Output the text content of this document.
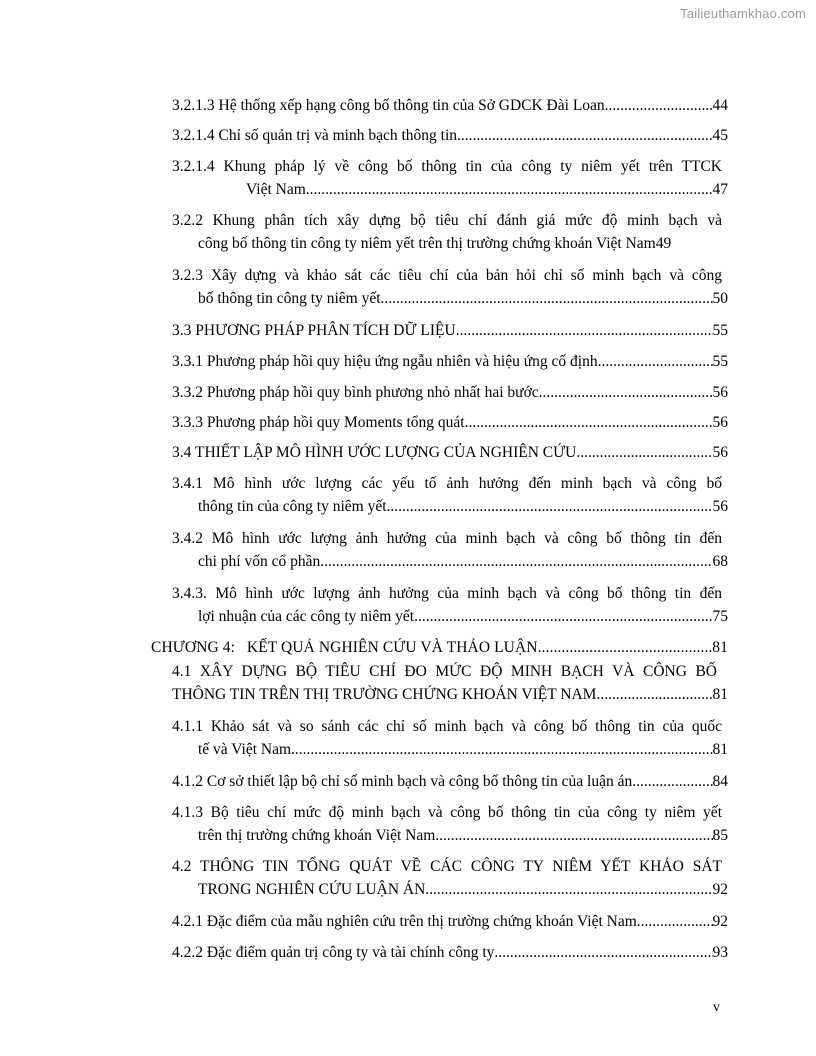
Tailieuthamkhao.com
3.2.1.3 Hệ thống xếp hạng công bố thông tin của Sở GDCK Đài Loan .....	44
3.2.1.4 Chỉ số quản trị và minh bạch thông tin .....	45
3.2.1.4 Khung pháp lý về công bố thông tin của công ty niêm yết trên TTCK
Việt Nam .....	47
3.2.2 Khung phân tích xây dựng bộ tiêu chí đánh giá mức độ minh bạch và
công bố thông tin công ty niêm yết trên thị trường chứng khoán Việt Nam 49
3.2.3 Xây dựng và khảo sát các tiêu chí của bản hỏi chỉ số minh bạch và công
bố thông tin công ty niêm yết .....	50
3.3 PHƯƠNG PHÁP PHÂN TÍCH DỮ LIỆU .....	55
3.3.1 Phương pháp hồi quy hiệu ứng ngẫu nhiên và hiệu ứng cố định .....	55
3.3.2 Phương pháp hồi quy bình phương nhỏ nhất hai bước .....	56
3.3.3 Phương pháp hồi quy Moments tổng quát .....	56
3.4 THIẾT LẬP MÔ HÌNH ƯỚC LƯỢNG CỦA NGHIÊN CỨU .....	56
3.4.1 Mô hình ước lượng các yếu tố ảnh hưởng đến minh bạch và công bố
thông tin của công ty niêm yết .....	56
3.4.2 Mô hình ước lượng ảnh hưởng của minh bạch và công bố thông tin đến
chi phí vốn cổ phần .....	68
3.4.3. Mô hình ước lượng ảnh hưởng của minh bạch và công bố thông tin đến
lợi nhuận của các công ty niêm yết .....	75
CHƯƠNG 4:   KẾT QUẢ NGHIÊN CỨU VÀ THẢO LUẬN .....	81
4.1 XÂY DỰNG BỘ TIÊU CHÍ ĐO MỨC ĐỘ MINH BẠCH VÀ CÔNG BỐ
THÔNG TIN TRÊN THỊ TRƯỜNG CHỨNG KHOÁN VIỆT NAM .....	81
4.1.1 Khảo sát và so sánh các chỉ số minh bạch và công bố thông tin của quốc
tế và Việt Nam .....	81
4.1.2 Cơ sở thiết lập bộ chỉ số minh bạch và công bố thông tin của luận án .....	84
4.1.3 Bộ tiêu chí mức độ minh bạch và công bố thông tin của công ty niêm yết
trên thị trường chứng khoán Việt Nam .....	85
4.2 THÔNG TIN TỔNG QUÁT VỀ CÁC CÔNG TY NIÊM YẾT KHẢO SÁT
TRONG NGHIÊN CỨU LUẬN ÁN .....	92
4.2.1 Đặc điểm của mẫu nghiên cứu trên thị trường chứng khoán Việt Nam .....	92
4.2.2 Đặc điểm quản trị công ty và tài chính công ty .....	93
v
